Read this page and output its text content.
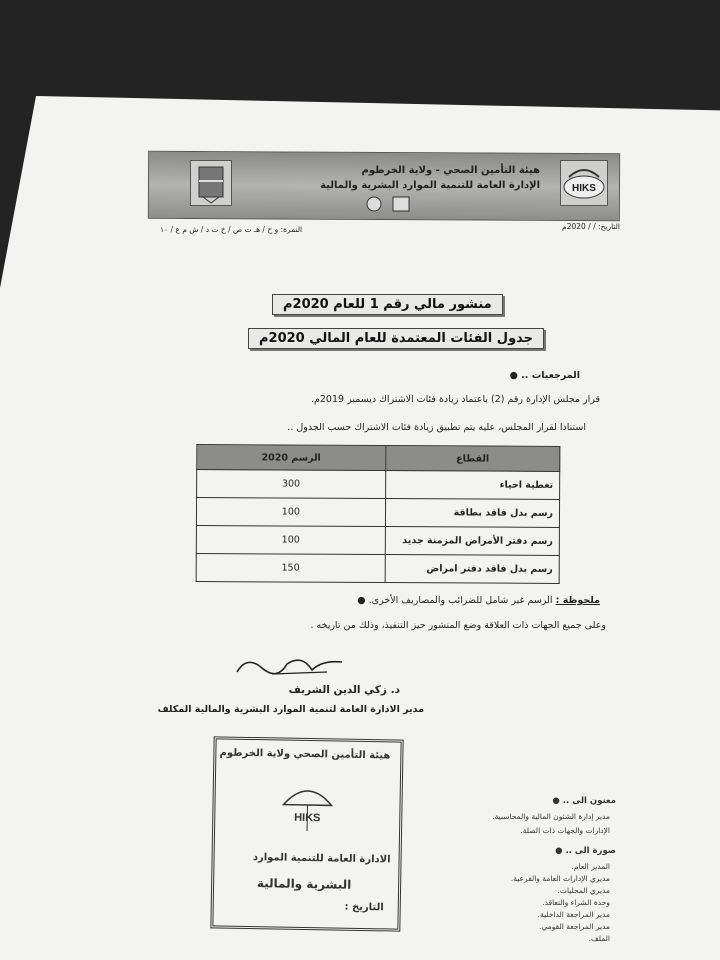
HIKS
هيئة التأمين الصحي - ولاية الخرطوم
الإدارة العامة للتنمية الموارد البشرية والمالية
التاريخ: / / 2020م
النمرة: و ح / هـ ت ص / خ ت د / ش م ع / ١٠
منشور مالي رقم 1 للعام 2020م
جدول الفئات المعتمدة للعام المالي 2020م
المرجعيات .. ●
قرار مجلس الإدارة رقم (2) باعتماد زيادة فئات الاشتراك ديسمبر 2019م.
استنادا لقرار المجلس، عليه يتم تطبيق زيادة فئات الاشتراك حسب الجدول ..
القطاع	الرسم 2020
تغطية احياء	300
رسم بدل فاقد بطاقة	100
رسم دفتر الأمراض المزمنة جديد	100
رسم بدل فاقد دفتر امراض	150
ملحوظة : الرسم غير شامل للضرائب والمصاريف الأخرى. ●
وعلى جميع الجهات ذات العلاقة وضع المنشور حيز التنفيذ، وذلك من تاريخه .
د. زكي الدين الشريف
مدير الادارة العامة لتنمية الموارد البشرية والمالية المكلف
هيئة التأمين الصحي ولاية الخرطوم
HIKS
الادارة العامة للتنمية الموارد
البشرية والمالية
التاريخ :
معنون الى .. ●
مدير إدارة الشئون المالية والمحاسبية.
الإدارات والجهات ذات الصلة.
صورة الى .. ●
المدير العام.
مديري الإدارات العامة والفرعية.
مديري المحليات.
وحدة الشراء والتعاقد.
مدير المراجعة الداخلية.
مدير المراجعة القومي.
الملف.
